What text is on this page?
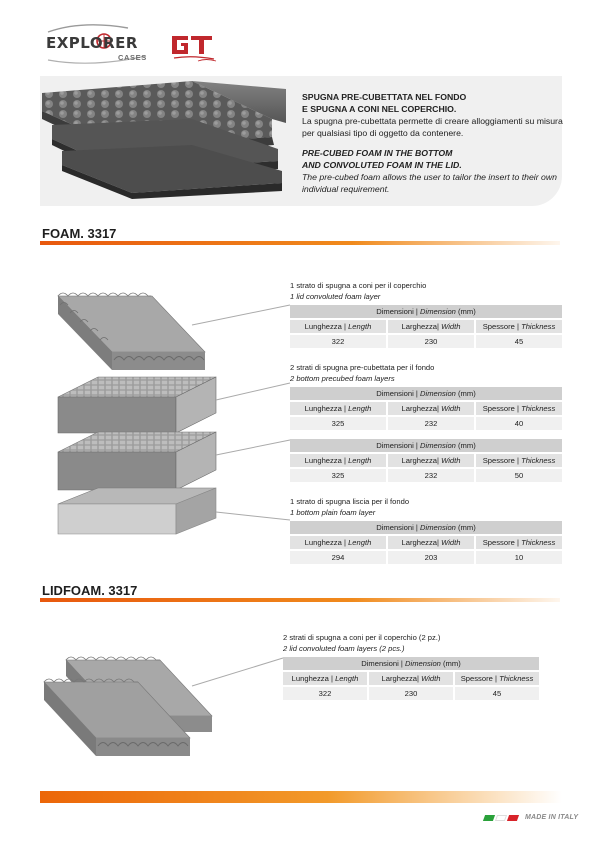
EXPLORER
CASES
SPUGNA PRE-CUBETTATA NEL FONDO
E SPUGNA A CONI NEL COPERCHIO.
La spugna pre-cubettata permette di creare alloggiamenti su misura per qualsiasi tipo di oggetto da contenere.
PRE-CUBED FOAM IN THE BOTTOM
AND CONVOLUTED FOAM IN THE LID.
The pre-cubed foam allows the user to tailor the insert to their own individual requirement.
FOAM. 3317
1 strato di spugna a coni per il coperchio
1 lid convoluted foam layer
Dimensioni | Dimension (mm)		
Lunghezza | Length	Larghezza| Width	Spessore | Thickness
322	230	45
2 strati di spugna pre-cubettata per il fondo
2 bottom precubed foam layers
Dimensioni | Dimension (mm)		
Lunghezza | Length	Larghezza| Width	Spessore | Thickness
325	232	40
Dimensioni | Dimension (mm)		
Lunghezza | Length	Larghezza| Width	Spessore | Thickness
325	232	50
1 strato di spugna liscia per il fondo
1 bottom plain foam layer
Dimensioni | Dimension (mm)		
Lunghezza | Length	Larghezza| Width	Spessore | Thickness
294	203	10
LIDFOAM. 3317
2 strati di spugna a coni per il coperchio (2 pz.)
2 lid convoluted foam layers (2 pcs.)
Dimensioni | Dimension (mm)		
Lunghezza | Length	Larghezza| Width	Spessore | Thickness
322	230	45
MADE IN ITALY
